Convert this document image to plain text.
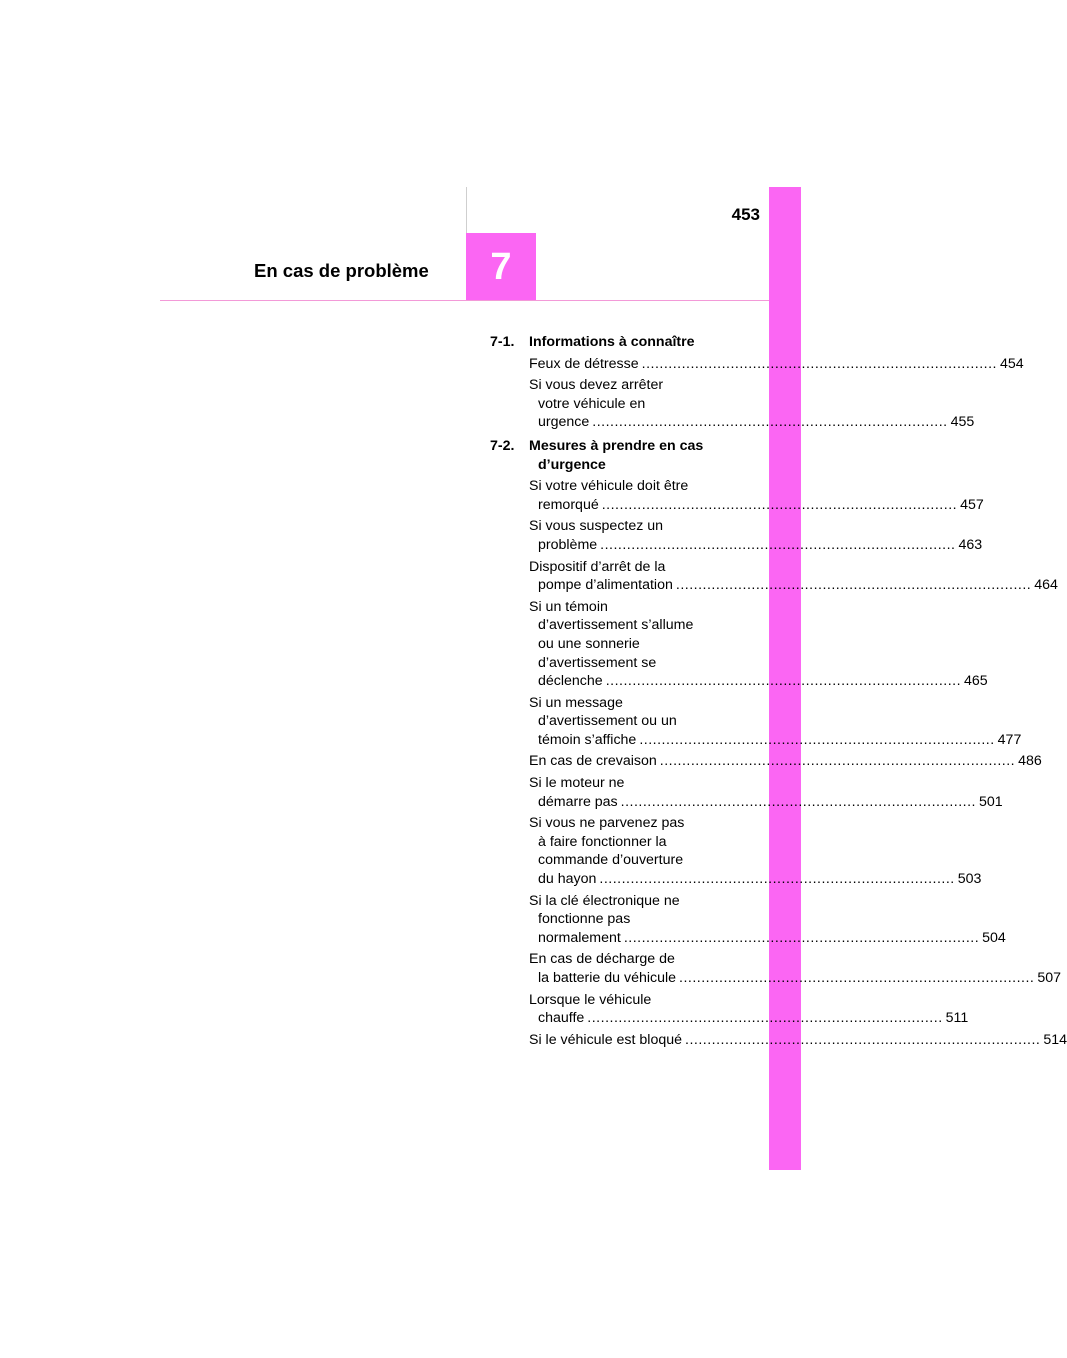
453
En cas de problème 7
7-1. Informations à connaître
Feux de détresse ................................................................................ 454
Si vous devez arrêter
votre véhicule en
urgence ................................................................................ 455
7-2. Mesures à prendre en cas d’urgence
Si votre véhicule doit être
remorqué ................................................................................ 457
Si vous suspectez un
problème ................................................................................ 463
Dispositif d’arrêt de la
pompe d’alimentation ................................................................................ 464
Si un témoin
d’avertissement s’allume
ou une sonnerie
d’avertissement se
déclenche ................................................................................ 465
Si un message
d’avertissement ou un
témoin s’affiche ................................................................................ 477
En cas de crevaison ................................................................................ 486
Si le moteur ne
démarre pas ................................................................................ 501
Si vous ne parvenez pas
à faire fonctionner la
commande d’ouverture
du hayon ................................................................................ 503
Si la clé électronique ne
fonctionne pas
normalement ................................................................................ 504
En cas de décharge de
la batterie du véhicule ................................................................................ 507
Lorsque le véhicule
chauffe ................................................................................ 511
Si le véhicule est bloqué ................................................................................ 514
